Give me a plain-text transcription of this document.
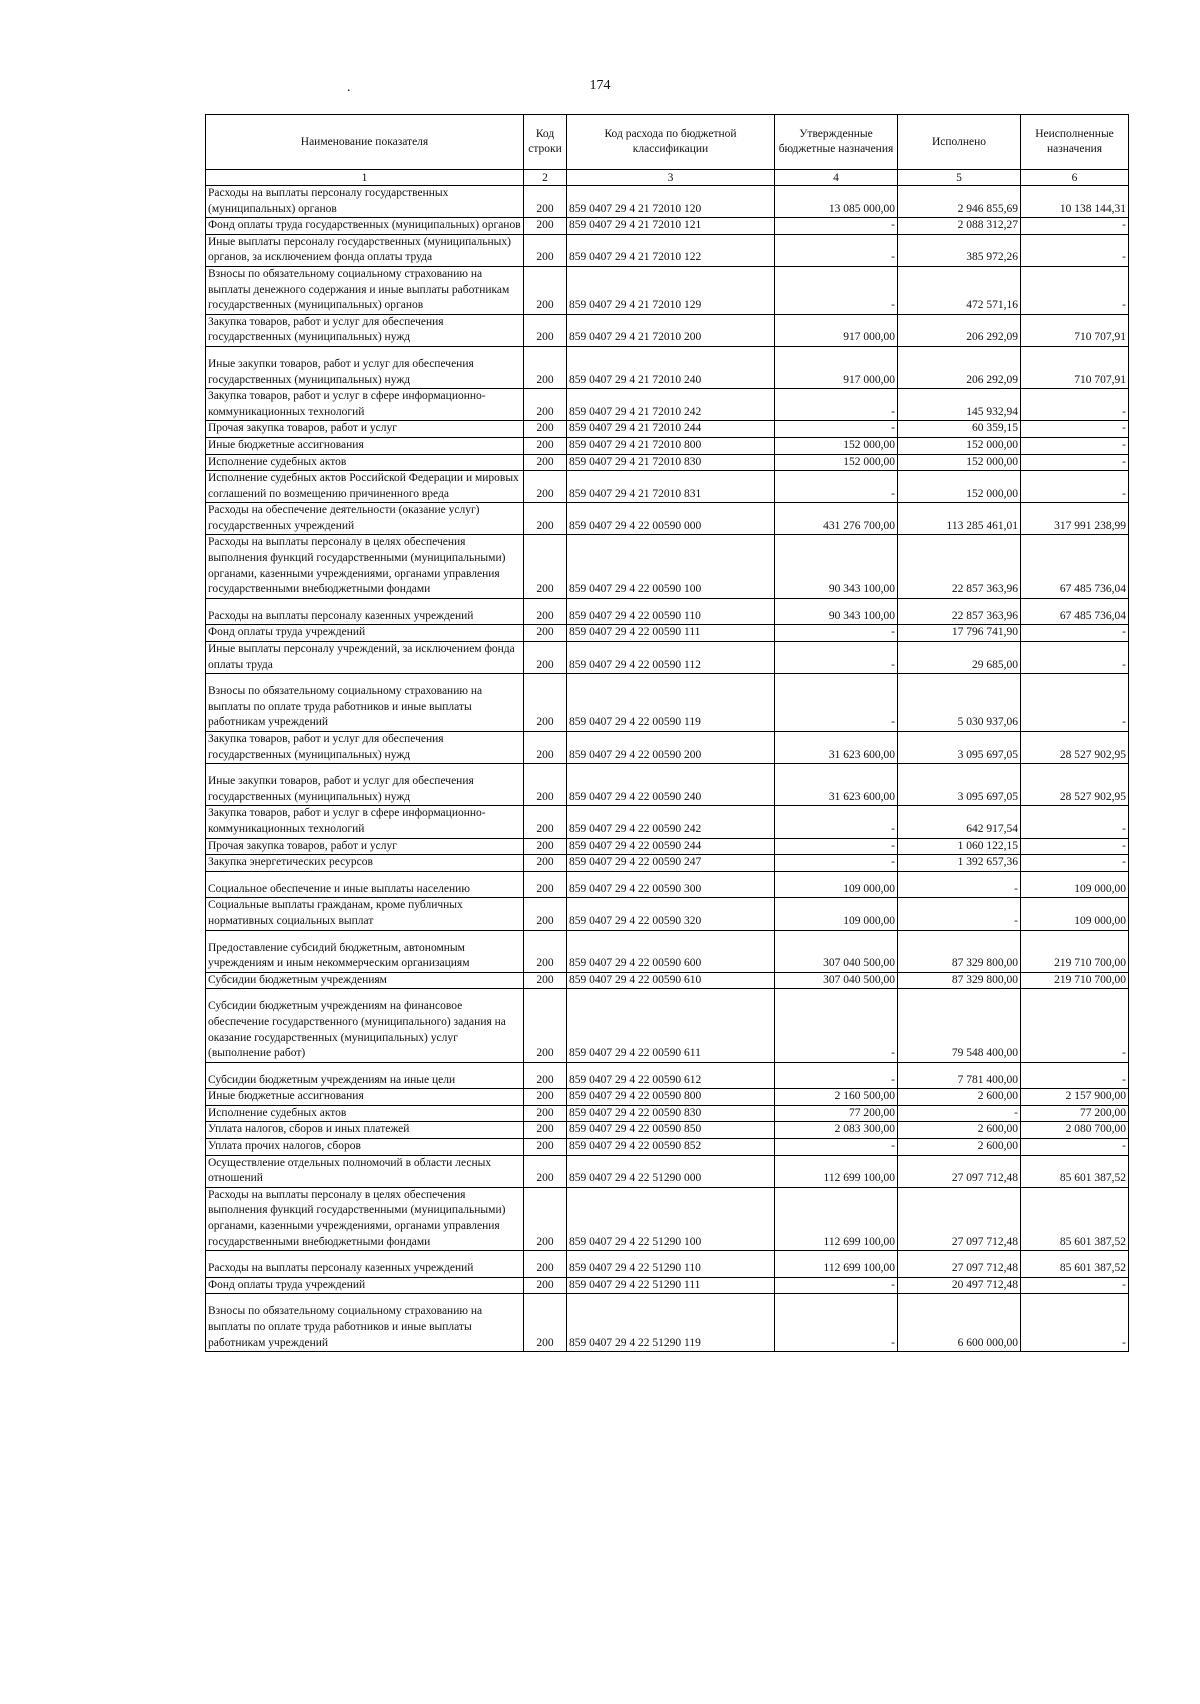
.	174
Наименование показателя	Код строки	Код расхода по бюджетной классификации	Утвержденные бюджетные назначения	Исполнено	Неисполненные назначения
1	2	3	4	5	6
Расходы на выплаты персоналу государственных (муниципальных) органов	200	859 0407 29 4 21 72010 120	13 085 000,00	2 946 855,69	10 138 144,31
Фонд оплаты труда государственных (муниципальных) органов	200	859 0407 29 4 21 72010 121	-	2 088 312,27	-
Иные выплаты персоналу государственных (муниципальных) органов, за исключением фонда оплаты труда	200	859 0407 29 4 21 72010 122	-	385 972,26	-
Взносы по обязательному социальному страхованию на выплаты денежного содержания и иные выплаты работникам государственных (муниципальных) органов	200	859 0407 29 4 21 72010 129	-	472 571,16	-
Закупка товаров, работ и услуг для обеспечения государственных (муниципальных) нужд	200	859 0407 29 4 21 72010 200	917 000,00	206 292,09	710 707,91
Иные закупки товаров, работ и услуг для обеспечения государственных (муниципальных) нужд	200	859 0407 29 4 21 72010 240	917 000,00	206 292,09	710 707,91
Закупка товаров, работ и услуг в сфере информационно-коммуникационных технологий	200	859 0407 29 4 21 72010 242	-	145 932,94	-
Прочая закупка товаров, работ и услуг	200	859 0407 29 4 21 72010 244	-	60 359,15	-
Иные бюджетные ассигнования	200	859 0407 29 4 21 72010 800	152 000,00	152 000,00	-
Исполнение судебных актов	200	859 0407 29 4 21 72010 830	152 000,00	152 000,00	-
Исполнение судебных актов Российской Федерации и мировых соглашений по возмещению причиненного вреда	200	859 0407 29 4 21 72010 831	-	152 000,00	-
Расходы на обеспечение деятельности (оказание услуг) государственных учреждений	200	859 0407 29 4 22 00590 000	431 276 700,00	113 285 461,01	317 991 238,99
Расходы на выплаты персоналу в целях обеспечения выполнения функций государственными (муниципальными) органами, казенными учреждениями, органами управления государственными внебюджетными фондами	200	859 0407 29 4 22 00590 100	90 343 100,00	22 857 363,96	67 485 736,04
Расходы на выплаты персоналу казенных учреждений	200	859 0407 29 4 22 00590 110	90 343 100,00	22 857 363,96	67 485 736,04
Фонд оплаты труда учреждений	200	859 0407 29 4 22 00590 111	-	17 796 741,90	-
Иные выплаты персоналу учреждений, за исключением фонда оплаты труда	200	859 0407 29 4 22 00590 112	-	29 685,00	-
Взносы по обязательному социальному страхованию на выплаты по оплате труда работников и иные выплаты работникам учреждений	200	859 0407 29 4 22 00590 119	-	5 030 937,06	-
Закупка товаров, работ и услуг для обеспечения государственных (муниципальных) нужд	200	859 0407 29 4 22 00590 200	31 623 600,00	3 095 697,05	28 527 902,95
Иные закупки товаров, работ и услуг для обеспечения государственных (муниципальных) нужд	200	859 0407 29 4 22 00590 240	31 623 600,00	3 095 697,05	28 527 902,95
Закупка товаров, работ и услуг в сфере информационно-коммуникационных технологий	200	859 0407 29 4 22 00590 242	-	642 917,54	-
Прочая закупка товаров, работ и услуг	200	859 0407 29 4 22 00590 244	-	1 060 122,15	-
Закупка энергетических ресурсов	200	859 0407 29 4 22 00590 247	-	1 392 657,36	-
Социальное обеспечение и иные выплаты населению	200	859 0407 29 4 22 00590 300	109 000,00	-	109 000,00
Социальные выплаты гражданам, кроме публичных нормативных социальных выплат	200	859 0407 29 4 22 00590 320	109 000,00	-	109 000,00
Предоставление субсидий бюджетным, автономным учреждениям и иным некоммерческим организациям	200	859 0407 29 4 22 00590 600	307 040 500,00	87 329 800,00	219 710 700,00
Субсидии бюджетным учреждениям	200	859 0407 29 4 22 00590 610	307 040 500,00	87 329 800,00	219 710 700,00
Субсидии бюджетным учреждениям на финансовое обеспечение государственного (муниципального) задания на оказание государственных (муниципальных) услуг (выполнение работ)	200	859 0407 29 4 22 00590 611	-	79 548 400,00	-
Субсидии бюджетным учреждениям на иные цели	200	859 0407 29 4 22 00590 612	-	7 781 400,00	-
Иные бюджетные ассигнования	200	859 0407 29 4 22 00590 800	2 160 500,00	2 600,00	2 157 900,00
Исполнение судебных актов	200	859 0407 29 4 22 00590 830	77 200,00	-	77 200,00
Уплата налогов, сборов и иных платежей	200	859 0407 29 4 22 00590 850	2 083 300,00	2 600,00	2 080 700,00
Уплата прочих налогов, сборов	200	859 0407 29 4 22 00590 852	-	2 600,00	-
Осуществление отдельных полномочий в области лесных отношений	200	859 0407 29 4 22 51290 000	112 699 100,00	27 097 712,48	85 601 387,52
Расходы на выплаты персоналу в целях обеспечения выполнения функций государственными (муниципальными) органами, казенными учреждениями, органами управления государственными внебюджетными фондами	200	859 0407 29 4 22 51290 100	112 699 100,00	27 097 712,48	85 601 387,52
Расходы на выплаты персоналу казенных учреждений	200	859 0407 29 4 22 51290 110	112 699 100,00	27 097 712,48	85 601 387,52
Фонд оплаты труда учреждений	200	859 0407 29 4 22 51290 111	-	20 497 712,48	-
Взносы по обязательному социальному страхованию на выплаты по оплате труда работников и иные выплаты работникам учреждений	200	859 0407 29 4 22 51290 119	-	6 600 000,00	-
